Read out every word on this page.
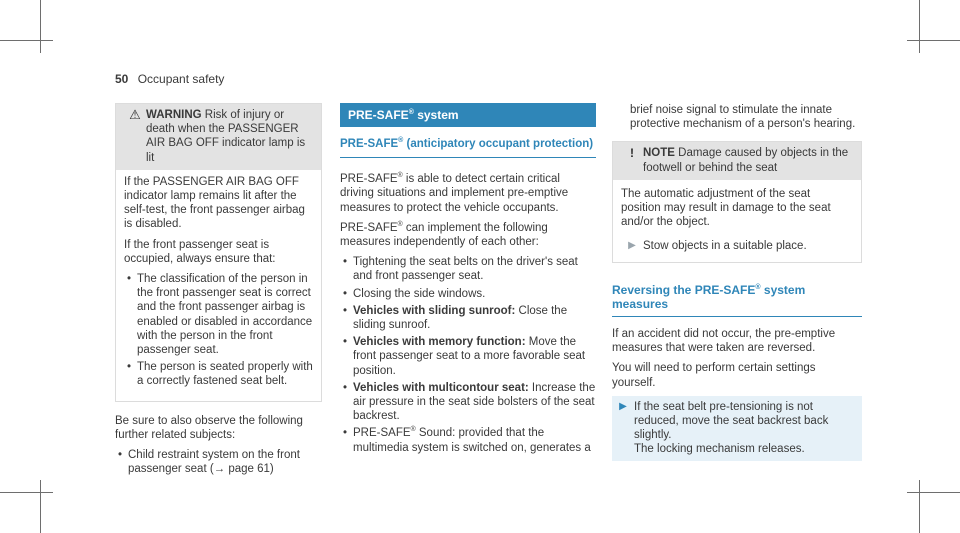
50 Occupant safety
⚠ WARNING Risk of injury or death when the PASSENGER AIR BAG OFF indicator lamp is lit

If the PASSENGER AIR BAG OFF indicator lamp remains lit after the self-test, the front passenger airbag is disabled.

If the front passenger seat is occupied, always ensure that:

• The classification of the person in the front passenger seat is correct and the front passenger airbag is enabled or disabled in accordance with the person in the front passenger seat.
• The person is seated properly with a correctly fastened seat belt.

Be sure to also observe the following further related subjects:

• Child restraint system on the front passenger seat (→ page 61)
PRE-SAFE® system
PRE-SAFE® (anticipatory occupant protection)

PRE-SAFE® is able to detect certain critical driving situations and implement pre-emptive measures to protect the vehicle occupants.

PRE-SAFE® can implement the following measures independently of each other:

• Tightening the seat belts on the driver's seat and front passenger seat.
• Closing the side windows.
• Vehicles with sliding sunroof: Close the sliding sunroof.
• Vehicles with memory function: Move the front passenger seat to a more favorable seat position.
• Vehicles with multicontour seat: Increase the air pressure in the seat side bolsters of the seat backrest.
• PRE-SAFE® Sound: provided that the multimedia system is switched on, generates a

brief noise signal to stimulate the innate protective mechanism of a person's hearing.

! NOTE Damage caused by objects in the footwell or behind the seat

The automatic adjustment of the seat position may result in damage to the seat and/or the object.

▶ Stow objects in a suitable place.
Reversing the PRE-SAFE® system measures

If an accident did not occur, the pre-emptive measures that were taken are reversed.

You will need to perform certain settings yourself.

▶ If the seat belt pre-tensioning is not reduced, move the seat backrest back slightly.
The locking mechanism releases.
